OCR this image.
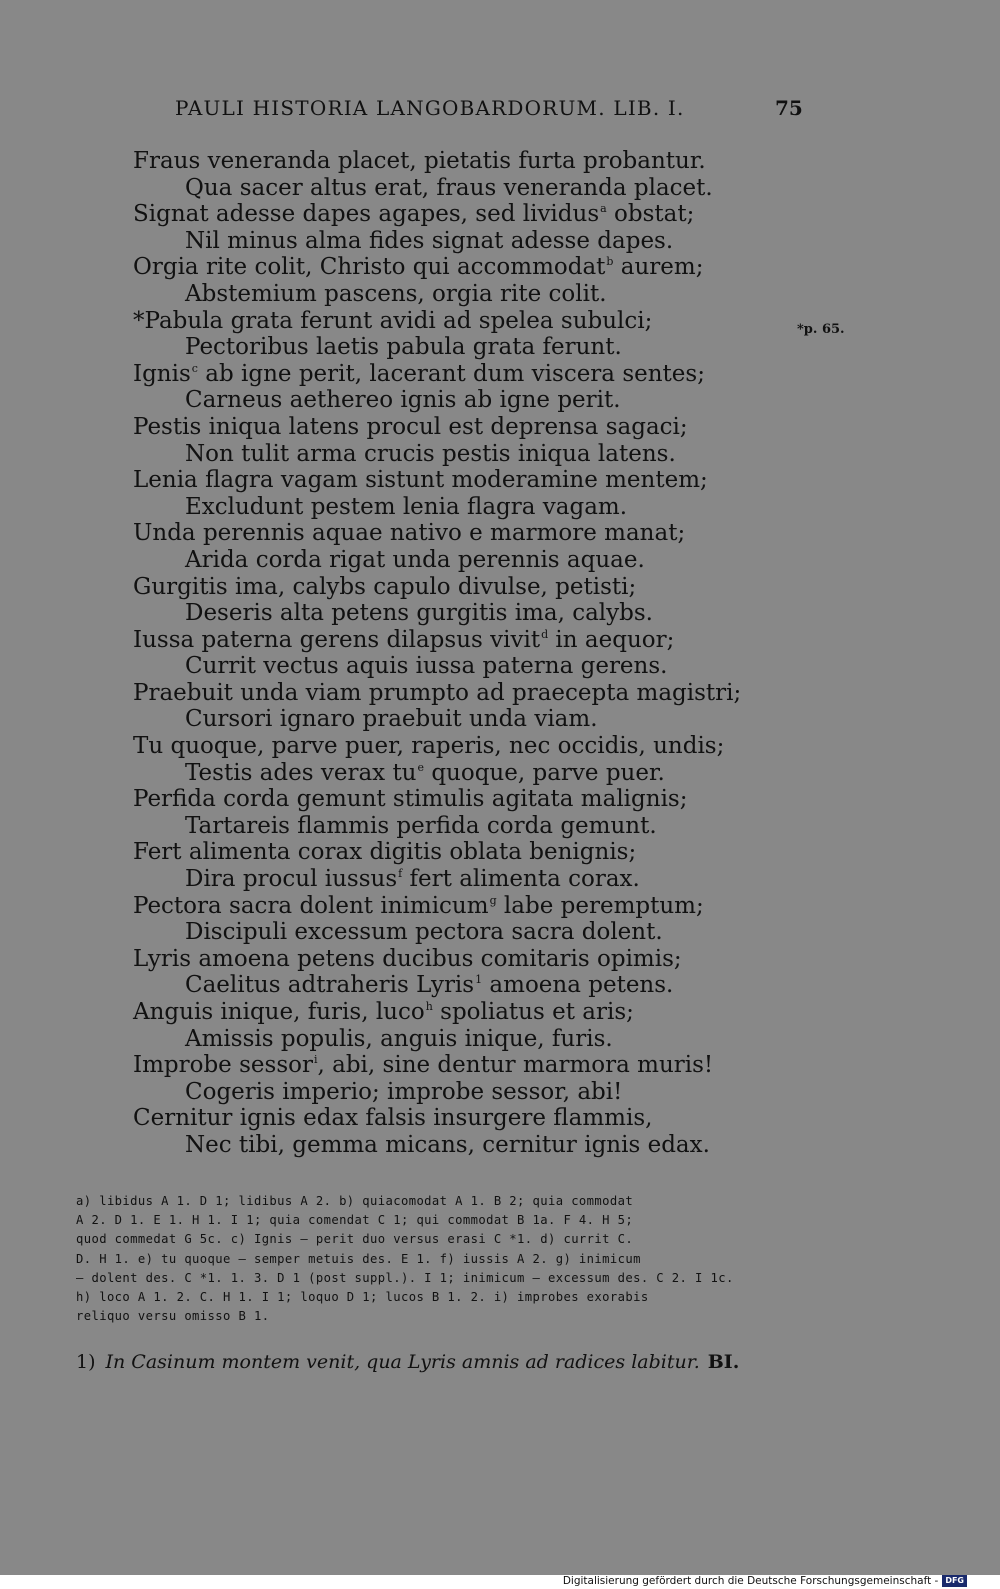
PAULI HISTORIA LANGOBARDORUM. LIB. I.	75
Fraus veneranda placet, pietatis furta probantur.
Qua sacer altus erat, fraus veneranda placet.
Signat adesse dapes agapes, sed lividus$^a$ obstat;
Nil minus alma fides signat adesse dapes.
Orgia rite colit, Christo qui accommodat$^b$ aurem;
Abstemium pascens, orgia rite colit.
*Pabula grata ferunt avidi ad spelea subulci;
Pectoribus laetis pabula grata ferunt.
Ignis$^c$ ab igne perit, lacerant dum viscera sentes;
Carneus aethereo ignis ab igne perit.
Pestis iniqua latens procul est deprensa sagaci;
Non tulit arma crucis pestis iniqua latens.
Lenia flagra vagam sistunt moderamine mentem;
Excludunt pestem lenia flagra vagam.
Unda perennis aquae nativo e marmore manat;
Arida corda rigat unda perennis aquae.
Gurgitis ima, calybs capulo divulse, petisti;
Deseris alta petens gurgitis ima, calybs.
Iussa paterna gerens dilapsus vivit$^d$ in aequor;
Currit vectus aquis iussa paterna gerens.
Praebuit unda viam prumpto ad praecepta magistri;
Cursori ignaro praebuit unda viam.
Tu quoque, parve puer, raperis, nec occidis, undis;
Testis ades verax $tu^e$ quoque, parve puer.
Perfida corda gemunt stimulis agitata malignis;
Tartareis flammis perfida corda gemunt.
Fert alimenta corax digitis oblata benignis;
Dira procul iussus$^f$ fert alimenta corax.
Pectora sacra dolent inimicum$^g$ labe peremptum;
Discipuli excessum pectora sacra dolent.
Lyris amoena petens ducibus comitaris opimis;
Caelitus adtraheris Lyris$^1$ amoena petens.
Anguis inique, furis, luco$^h$ spoliatus et aris;
Amissis populis, anguis inique, furis.
Improbe sessor$^i$, abi, sine dentur marmora muris!
Cogeris imperio; improbe sessor, abi!
Cernitur ignis edax falsis insurgere flammis,
Nec tibi, gemma micans, cernitur ignis edax.
*p. 65.
a) libidus A 1. D 1; lidibus A 2. b) quiacomodat A 1. B 2; quia commodat
A 2. D 1. E 1. H 1. I 1; quia comendat C 1; qui commodat B 1a. F 4. H 5;
quod commedat G 5c. c) Ignis — perit duo versus erasi C *1. d) currit C.
D. H 1. e) tu quoque — semper metuis des. E 1. f) iussis A 2. g) inimicum
— dolent des. C *1. 1. 3. D 1 (post suppl.). I 1; inimicum — excessum des. C 2. I 1c.
h) loco A 1. 2. C. H 1. I 1; loquo D 1; lucos B 1. 2. i) improbes exorabis
reliquo versu omisso B 1.
1) In Casinum montem venit, qua Lyris amnis ad radices labitur. BI.
Digitalisierung gefördert durch die Deutsche Forschungsgemeinschaft - DFG
